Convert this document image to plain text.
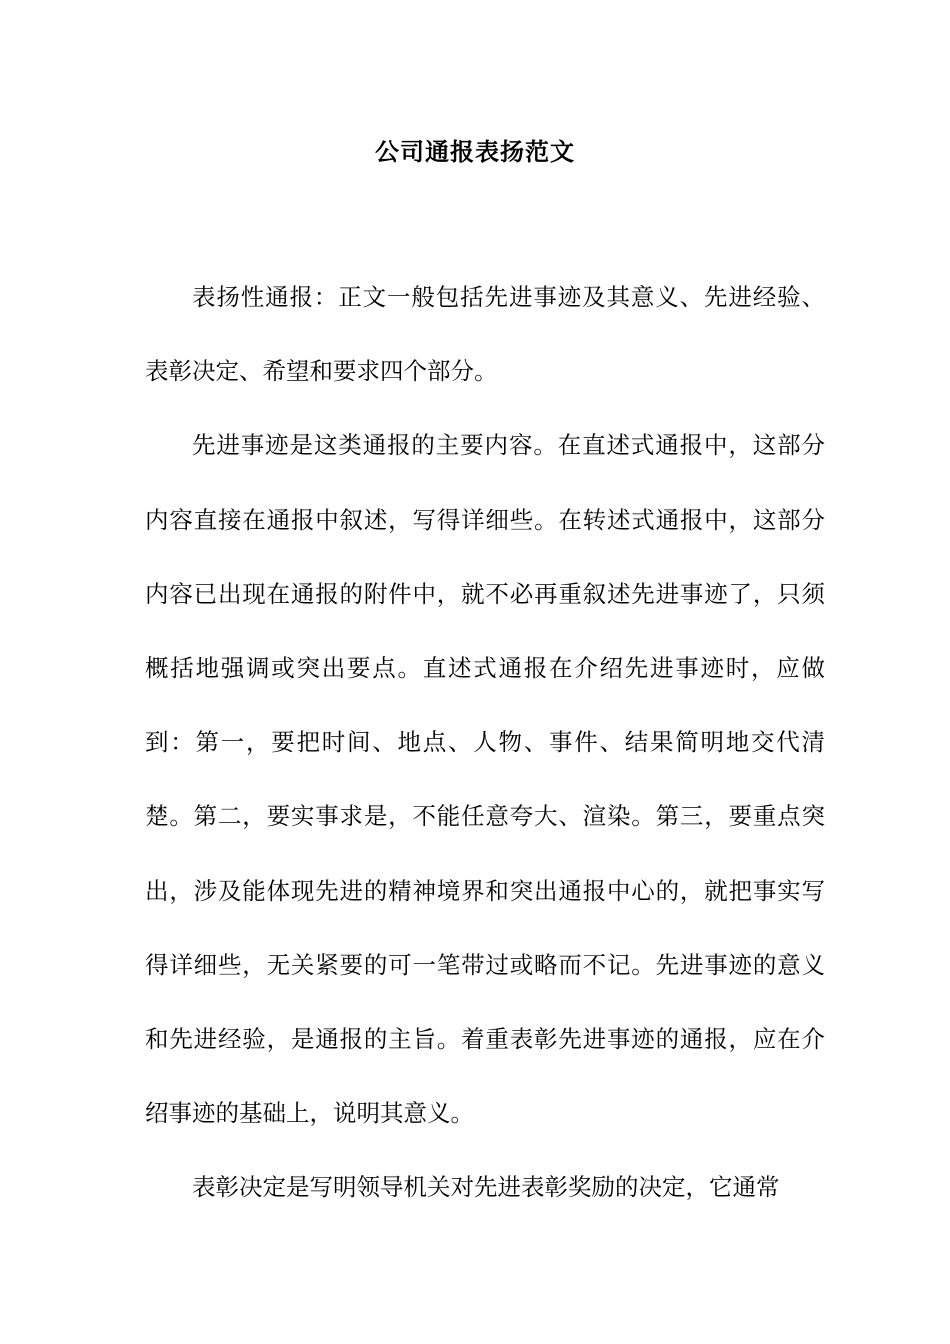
公司通报表扬范文

表扬性通报：正文一般包括先进事迹及其意义、先进经验、表彰决定、希望和要求四个部分。

先进事迹是这类通报的主要内容。在直述式通报中，这部分内容直接在通报中叙述，写得详细些。在转述式通报中，这部分内容已出现在通报的附件中，就不必再重叙述先进事迹了，只须概括地强调或突出要点。直述式通报在介绍先进事迹时，应做到：第一，要把时间、地点、人物、事件、结果简明地交代清楚。第二，要实事求是，不能任意夸大、渲染。第三，要重点突出，涉及能体现先进的精神境界和突出通报中心的，就把事实写得详细些，无关紧要的可一笔带过或略而不记。先进事迹的意义和先进经验，是通报的主旨。着重表彰先进事迹的通报，应在介绍事迹的基础上，说明其意义。

表彰决定是写明领导机关对先进表彰奖励的决定，它通常
